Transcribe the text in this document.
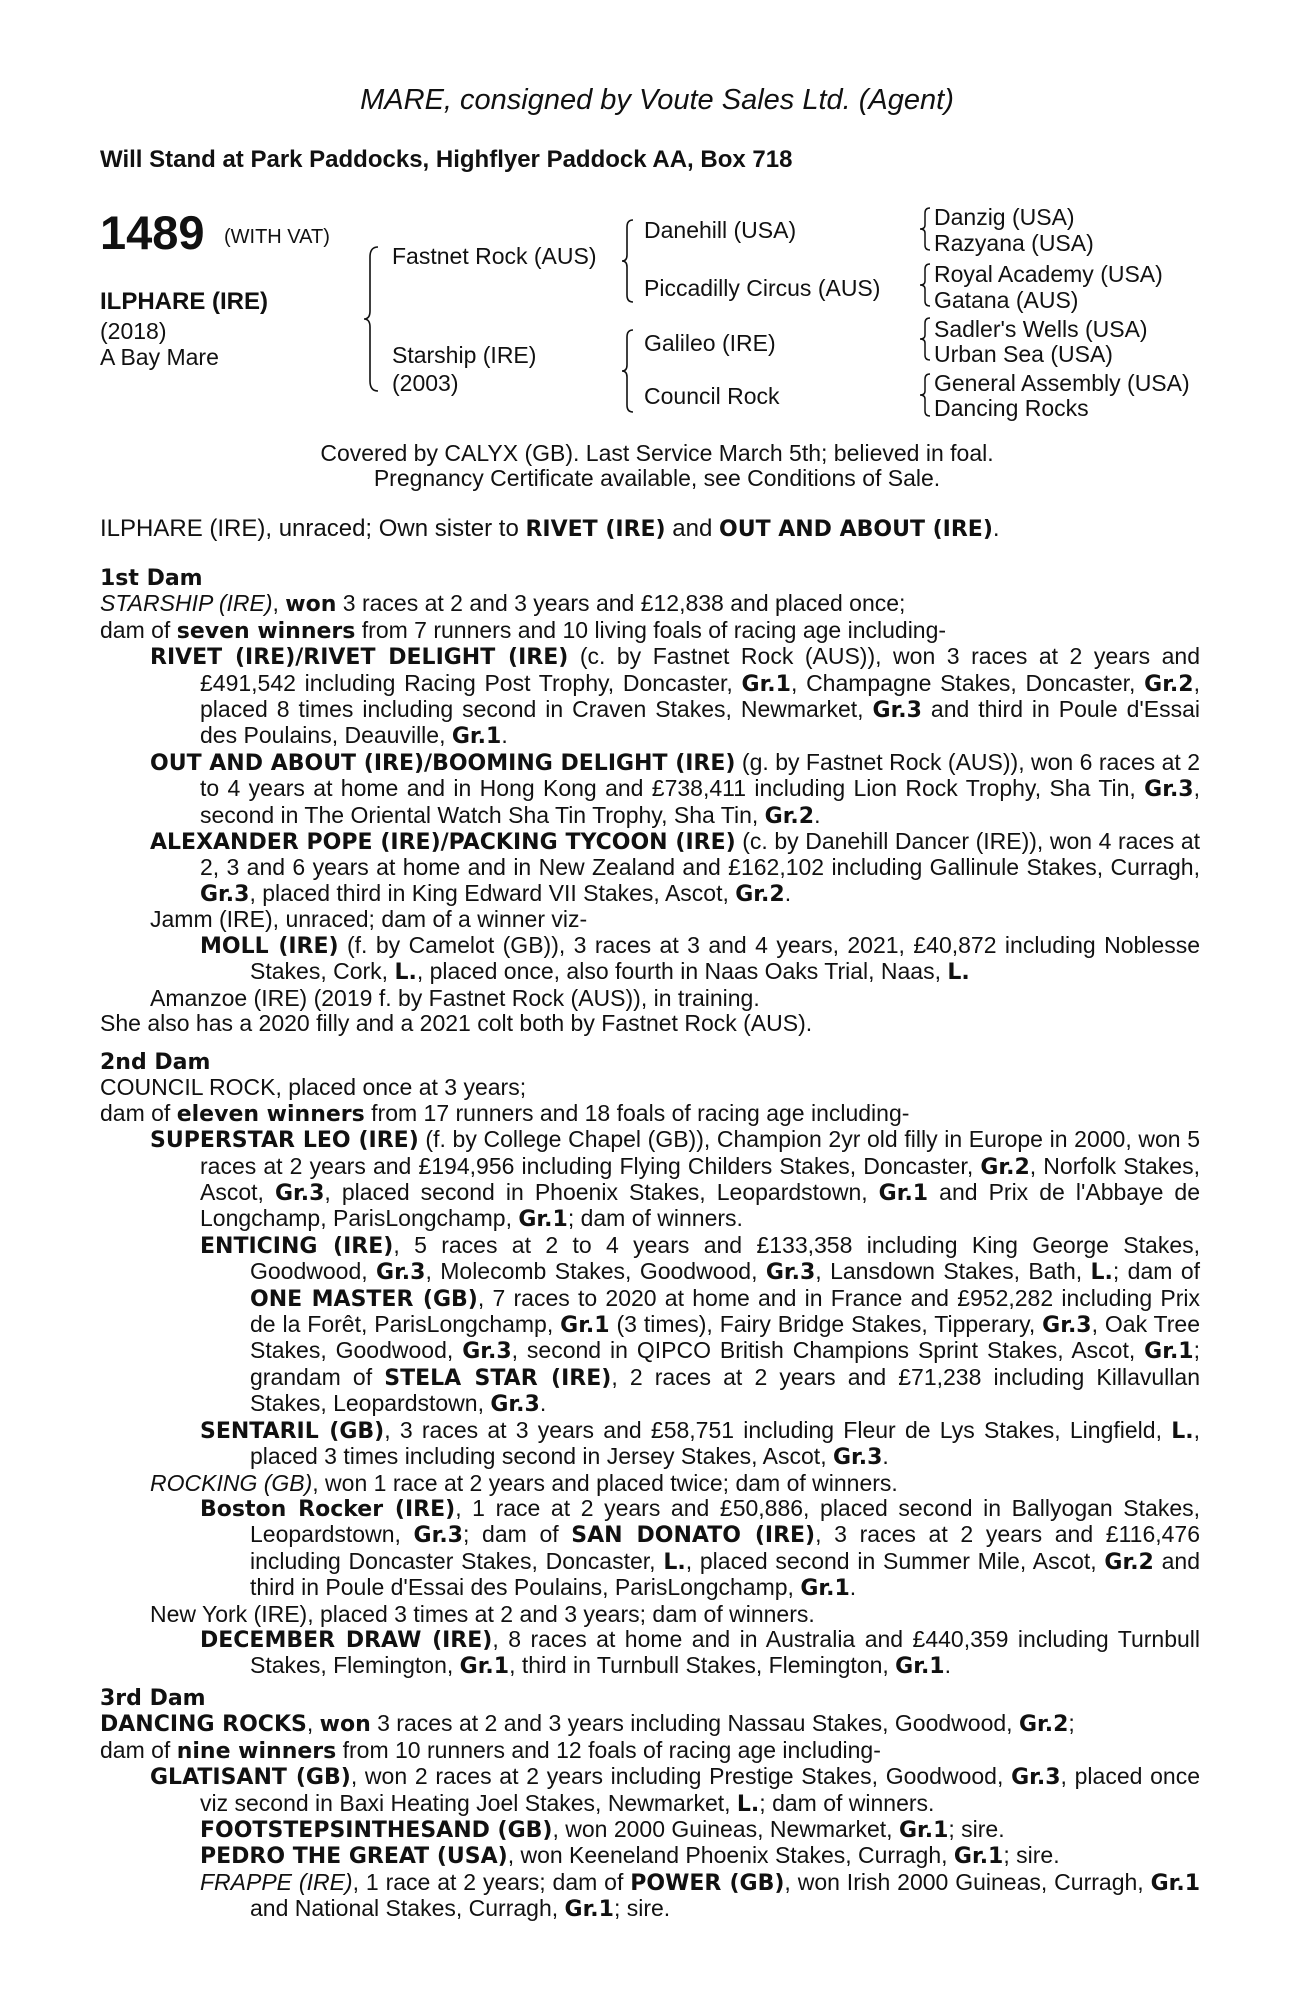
MARE, consigned by Voute Sales Ltd. (Agent)
Will Stand at Park Paddocks, Highflyer Paddock AA, Box 718
1489 (WITH VAT)
ILPHARE (IRE)
(2018)
A Bay Mare
Fastnet Rock (AUS)
Starship (IRE)
(2003)
Danehill (USA)
Piccadilly Circus (AUS)
Galileo (IRE)
Council Rock
Danzig (USA)
Razyana (USA)
Royal Academy (USA)
Gatana (AUS)
Sadler's Wells (USA)
Urban Sea (USA)
General Assembly (USA)
Dancing Rocks
Covered by CALYX (GB). Last Service March 5th; believed in foal.
Pregnancy Certificate available, see Conditions of Sale.
ILPHARE (IRE), unraced; Own sister to RIVET (IRE) and OUT AND ABOUT (IRE).

1st Dam

STARSHIP (IRE), won 3 races at 2 and 3 years and £12,838 and placed once;

dam of seven winners from 7 runners and 10 living foals of racing age including-

RIVET (IRE)/RIVET DELIGHT (IRE) (c. by Fastnet Rock (AUS)), won 3 races at 2 years and £491,542 including Racing Post Trophy, Doncaster, Gr.1, Champagne Stakes, Doncaster, Gr.2, placed 8 times including second in Craven Stakes, Newmarket, Gr.3 and third in Poule d'Essai des Poulains, Deauville, Gr.1.

OUT AND ABOUT (IRE)/BOOMING DELIGHT (IRE) (g. by Fastnet Rock (AUS)), won 6 races at 2 to 4 years at home and in Hong Kong and £738,411 including Lion Rock Trophy, Sha Tin, Gr.3, second in The Oriental Watch Sha Tin Trophy, Sha Tin, Gr.2.

ALEXANDER POPE (IRE)/PACKING TYCOON (IRE) (c. by Danehill Dancer (IRE)), won 4 races at 2, 3 and 6 years at home and in New Zealand and £162,102 including Gallinule Stakes, Curragh, Gr.3, placed third in King Edward VII Stakes, Ascot, Gr.2.

Jamm (IRE), unraced; dam of a winner viz-

MOLL (IRE) (f. by Camelot (GB)), 3 races at 3 and 4 years, 2021, £40,872 including Noblesse Stakes, Cork, L., placed once, also fourth in Naas Oaks Trial, Naas, L.

Amanzoe (IRE) (2019 f. by Fastnet Rock (AUS)), in training.

She also has a 2020 filly and a 2021 colt both by Fastnet Rock (AUS).

2nd Dam

COUNCIL ROCK, placed once at 3 years;

dam of eleven winners from 17 runners and 18 foals of racing age including-

SUPERSTAR LEO (IRE) (f. by College Chapel (GB)), Champion 2yr old filly in Europe in 2000, won 5 races at 2 years and £194,956 including Flying Childers Stakes, Doncaster, Gr.2, Norfolk Stakes, Ascot, Gr.3, placed second in Phoenix Stakes, Leopardstown, Gr.1 and Prix de l'Abbaye de Longchamp, ParisLongchamp, Gr.1; dam of winners.

ENTICING (IRE), 5 races at 2 to 4 years and £133,358 including King George Stakes, Goodwood, Gr.3, Molecomb Stakes, Goodwood, Gr.3, Lansdown Stakes, Bath, L.; dam of ONE MASTER (GB), 7 races to 2020 at home and in France and £952,282 including Prix de la Forêt, ParisLongchamp, Gr.1 (3 times), Fairy Bridge Stakes, Tipperary, Gr.3, Oak Tree Stakes, Goodwood, Gr.3, second in QIPCO British Champions Sprint Stakes, Ascot, Gr.1; grandam of STELA STAR (IRE), 2 races at 2 years and £71,238 including Killavullan Stakes, Leopardstown, Gr.3.

SENTARIL (GB), 3 races at 3 years and £58,751 including Fleur de Lys Stakes, Lingfield, L., placed 3 times including second in Jersey Stakes, Ascot, Gr.3.

ROCKING (GB), won 1 race at 2 years and placed twice; dam of winners.

Boston Rocker (IRE), 1 race at 2 years and £50,886, placed second in Ballyogan Stakes, Leopardstown, Gr.3; dam of SAN DONATO (IRE), 3 races at 2 years and £116,476 including Doncaster Stakes, Doncaster, L., placed second in Summer Mile, Ascot, Gr.2 and third in Poule d'Essai des Poulains, ParisLongchamp, Gr.1.

New York (IRE), placed 3 times at 2 and 3 years; dam of winners.

DECEMBER DRAW (IRE), 8 races at home and in Australia and £440,359 including Turnbull Stakes, Flemington, Gr.1, third in Turnbull Stakes, Flemington, Gr.1.

3rd Dam

DANCING ROCKS, won 3 races at 2 and 3 years including Nassau Stakes, Goodwood, Gr.2;

dam of nine winners from 10 runners and 12 foals of racing age including-

GLATISANT (GB), won 2 races at 2 years including Prestige Stakes, Goodwood, Gr.3, placed once viz second in Baxi Heating Joel Stakes, Newmarket, L.; dam of winners.

FOOTSTEPSINTHESAND (GB), won 2000 Guineas, Newmarket, Gr.1; sire.

PEDRO THE GREAT (USA), won Keeneland Phoenix Stakes, Curragh, Gr.1; sire.

FRAPPE (IRE), 1 race at 2 years; dam of POWER (GB), won Irish 2000 Guineas, Curragh, Gr.1 and National Stakes, Curragh, Gr.1; sire.
